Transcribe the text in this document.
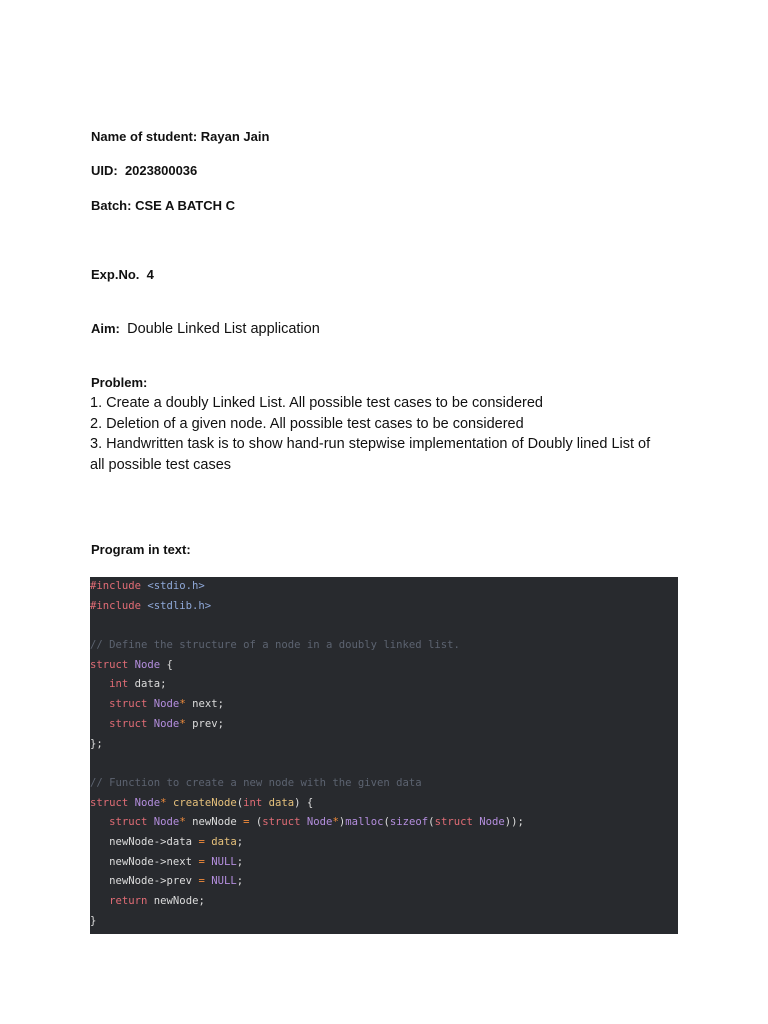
Name of student: Rayan Jain
UID: 2023800036
Batch: CSE A BATCH C
Exp.No. 4
Aim: Double Linked List application
Problem:
1. Create a doubly Linked List. All possible test cases to be considered
2. Deletion of a given node. All possible test cases to be considered
3. Handwritten task is to show hand-run stepwise implementation of Doubly lined List of
all possible test cases
Program in text:
#include <stdio.h>
#include <stdlib.h>

// Define the structure of a node in a doubly linked list.
struct Node {
int data;
struct Node* next;
struct Node* prev;
};

// Function to create a new node with the given data
struct Node* createNode(int data) {
struct Node* newNode = (struct Node*)malloc(sizeof(struct Node));
newNode->data = data;
newNode->next = NULL;
newNode->prev = NULL;
return newNode;
}
